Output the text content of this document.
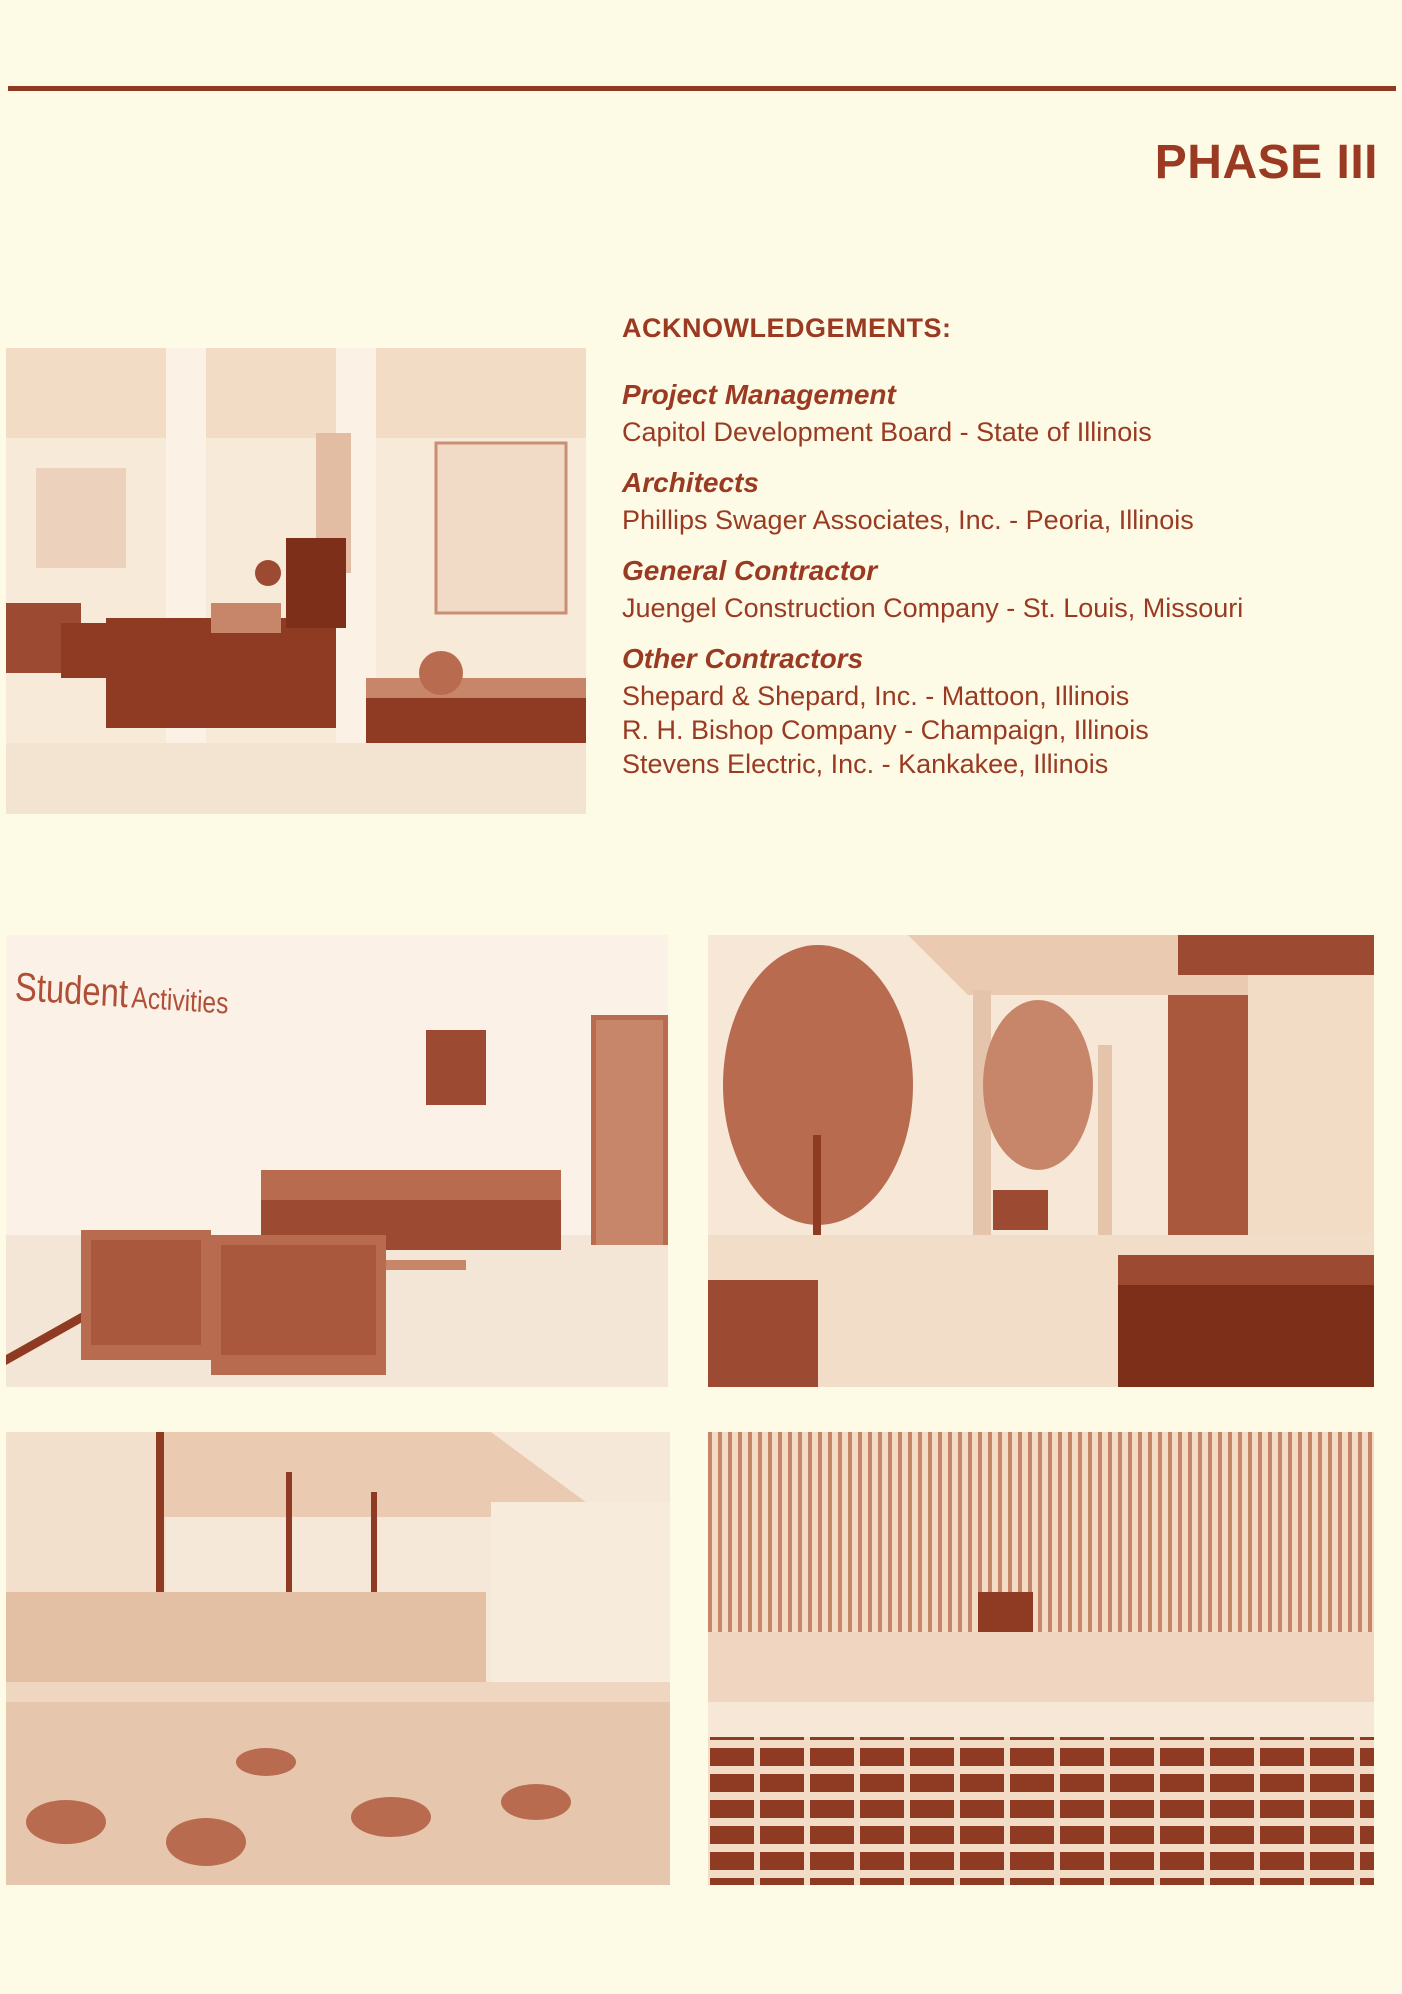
PHASE III
ACKNOWLEDGEMENTS:
Project Management
Capitol Development Board - State of Illinois
Architects
Phillips Swager Associates, Inc. - Peoria, Illinois
General Contractor
Juengel Construction Company - St. Louis, Missouri
Other Contractors
Shepard & Shepard, Inc. - Mattoon, Illinois
R. H. Bishop Company - Champaign, Illinois
Stevens Electric, Inc. - Kankakee, Illinois
Student Activities
